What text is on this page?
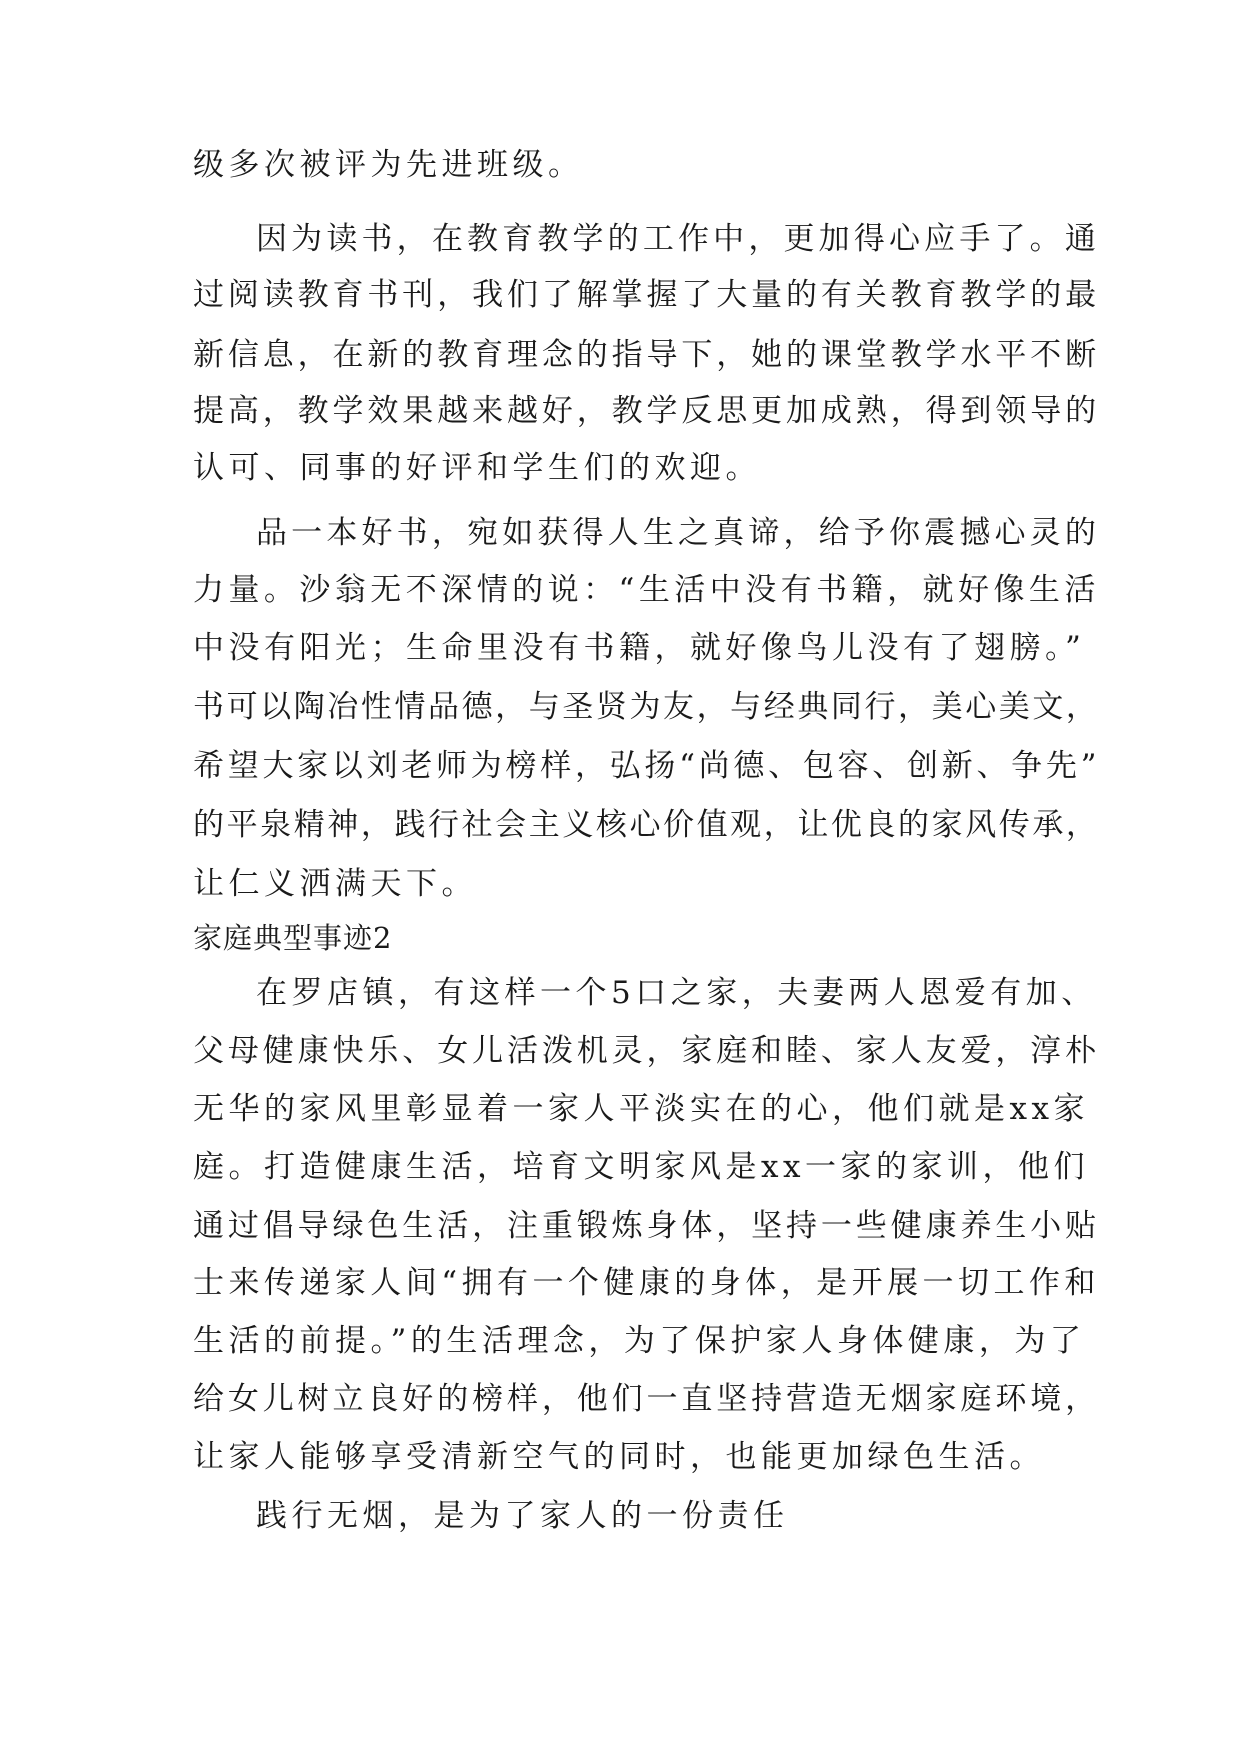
级多次被评为先进班级。
因为读书，在教育教学的工作中，更加得心应手了。通
过阅读教育书刊，我们了解掌握了大量的有关教育教学的最
新信息，在新的教育理念的指导下，她的课堂教学水平不断
提高，教学效果越来越好，教学反思更加成熟，得到领导的
认可、同事的好评和学生们的欢迎。
品一本好书，宛如获得人生之真谛，给予你震撼心灵的
力量。沙翁无不深情的说：“生活中没有书籍，就好像生活
中没有阳光；生命里没有书籍，就好像鸟儿没有了翅膀。”
书可以陶冶性情品德，与圣贤为友，与经典同行，美心美文，
希望大家以刘老师为榜样，弘扬“尚德、包容、创新、争先”
的平泉精神，践行社会主义核心价值观，让优良的家风传承，
让仁义洒满天下。
家庭典型事迹2
在罗店镇，有这样一个5口之家，夫妻两人恩爱有加、
父母健康快乐、女儿活泼机灵，家庭和睦、家人友爱，淳朴
无华的家风里彰显着一家人平淡实在的心，他们就是xx家
庭。打造健康生活，培育文明家风是xx一家的家训，他们
通过倡导绿色生活，注重锻炼身体，坚持一些健康养生小贴
士来传递家人间“拥有一个健康的身体，是开展一切工作和
生活的前提。”的生活理念，为了保护家人身体健康，为了
给女儿树立良好的榜样，他们一直坚持营造无烟家庭环境，
让家人能够享受清新空气的同时，也能更加绿色生活。
践行无烟，是为了家人的一份责任
